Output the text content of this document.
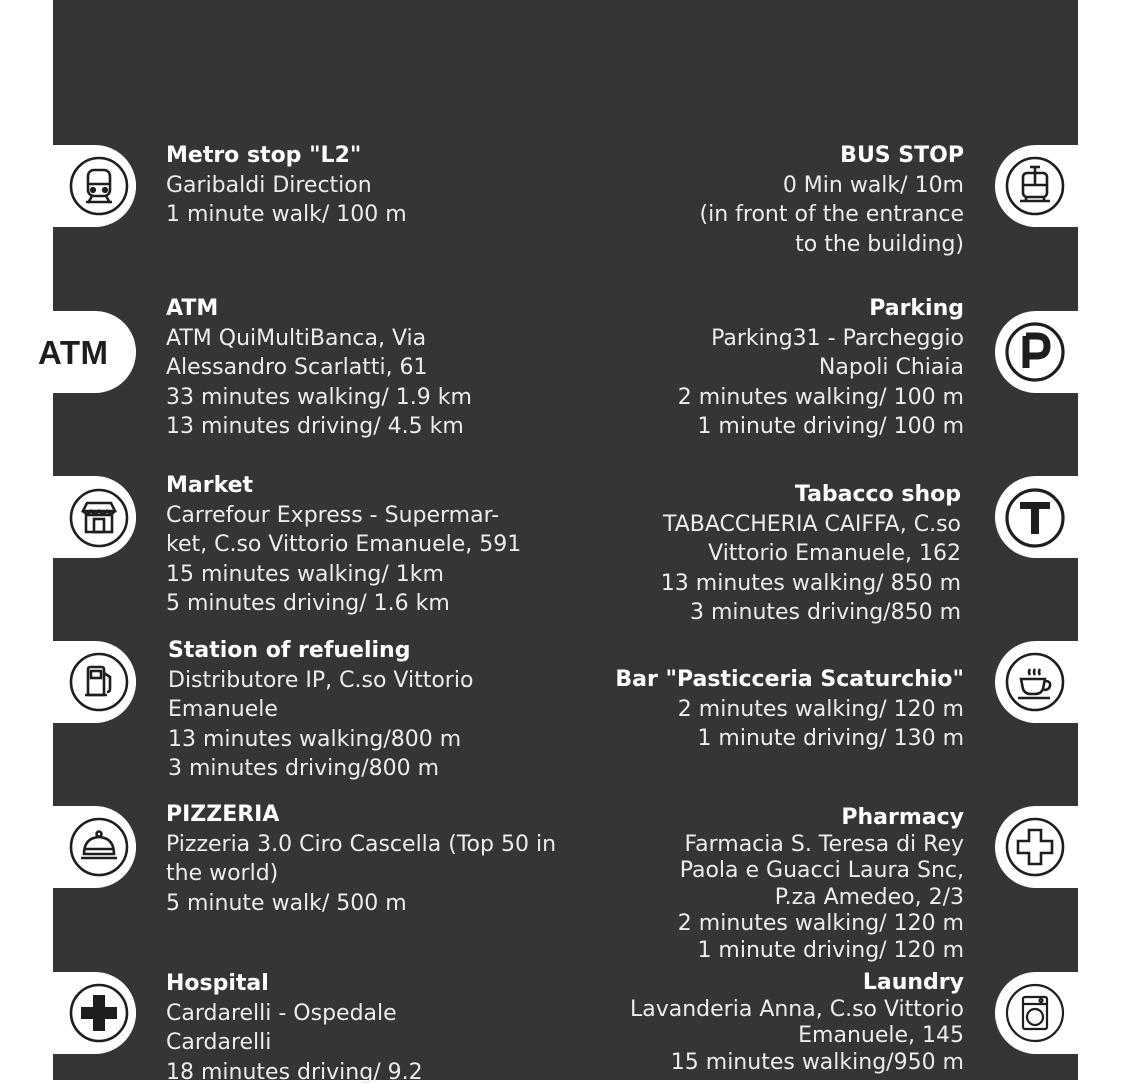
ATM
Metro stop "L2"
Garibaldi Direction
1 minute walk/ 100 m
ATM
ATM QuiMultiBanca, Via
Alessandro Scarlatti, 61
33 minutes walking/ 1.9 km
13 minutes driving/ 4.5 km
Market
Carrefour Express - Supermar-
ket, C.so Vittorio Emanuele, 591
15 minutes walking/ 1km
5 minutes driving/ 1.6 km
Station of refueling
Distributore IP, C.so Vittorio
Emanuele
13 minutes walking/800 m
3 minutes driving/800 m
PIZZERIA
Pizzeria 3.0 Ciro Cascella (Top 50 in
the world)
5 minute walk/ 500 m
Hospital
Cardarelli - Ospedale
Cardarelli
18 minutes driving/ 9.2
BUS STOP
0 Min walk/ 10m
(in front of the entrance
to the building)
Parking
Parking31 - Parcheggio
Napoli Chiaia
2 minutes walking/ 100 m
1 minute driving/ 100 m
Tabacco shop
TABACCHERIA CAIFFA, C.so
Vittorio Emanuele, 162
13 minutes walking/ 850 m
3 minutes driving/850 m
Bar "Pasticceria Scaturchio"
2 minutes walking/ 120 m
1 minute driving/ 130 m
Pharmacy
Farmacia S. Teresa di Rey
Paola e Guacci Laura Snc,
P.za Amedeo, 2/3
2 minutes walking/ 120 m
1 minute driving/ 120 m
Laundry
Lavanderia Anna, C.so Vittorio
Emanuele, 145
15 minutes walking/950 m
